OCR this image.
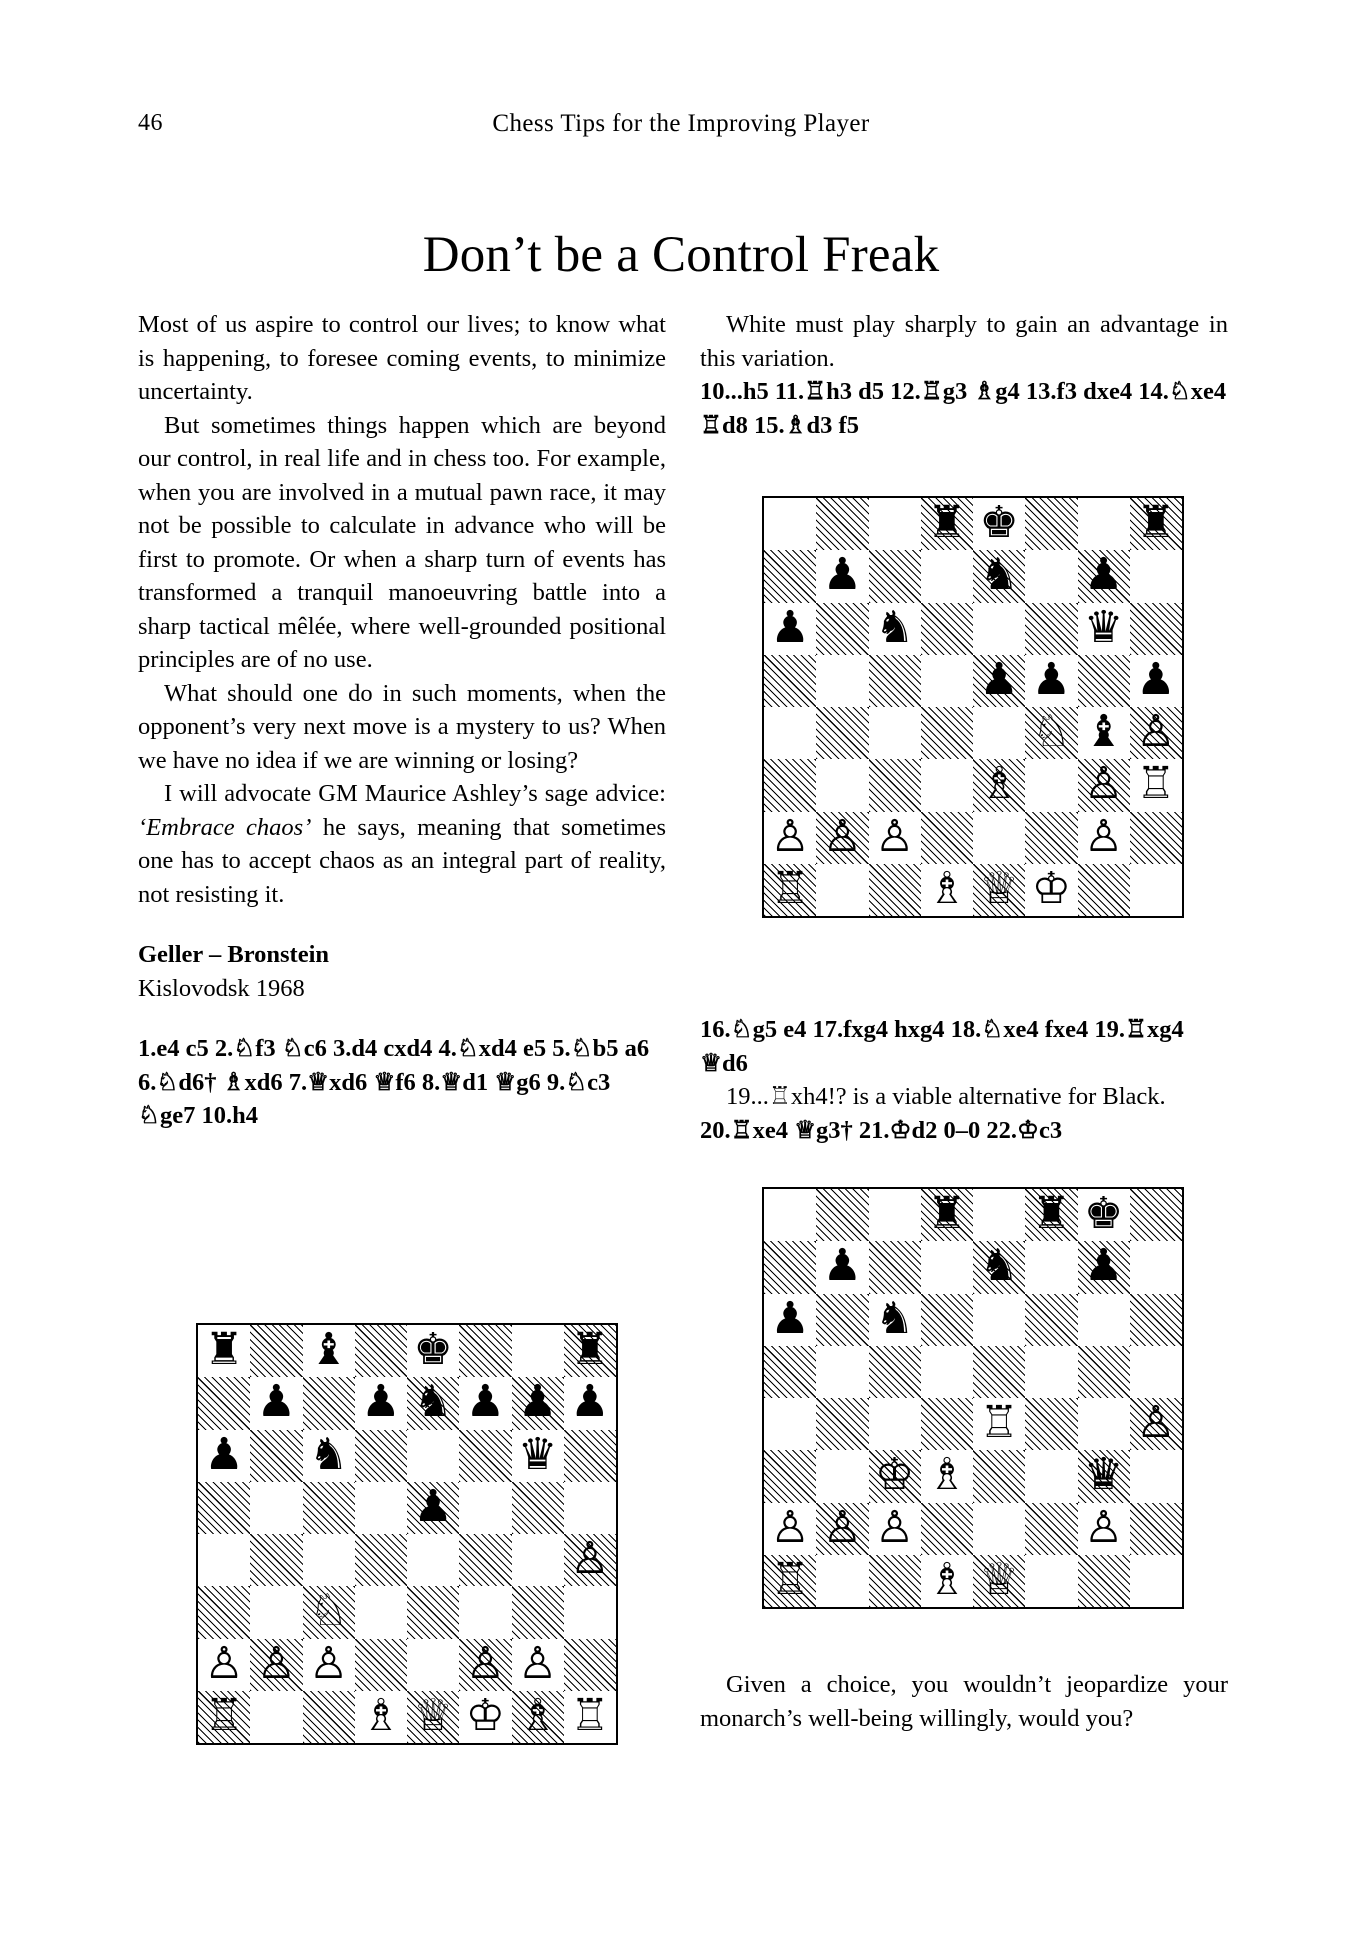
46	Chess Tips for the Improving Player
Don’t be a Control Freak

Most of us aspire to control our lives; to know what is happening, to foresee coming events, to minimize uncertainty.

But sometimes things happen which are beyond our control, in real life and in chess too. For example, when you are involved in a mutual pawn race, it may not be possible to calculate in advance who will be first to promote. Or when a sharp turn of events has transformed a tranquil manoeuvring battle into a sharp tactical mêlée, where well-grounded positional principles are of no use.

What should one do in such moments, when the opponent’s very next move is a mystery to us? When we have no idea if we are winning or losing?

I will advocate GM Maurice Ashley’s sage advice: ‘Embrace chaos’ he says, meaning that sometimes one has to accept chaos as an integral part of reality, not resisting it.

Geller – Bronstein

Kislovodsk 1968

1.e4 c5 2.♘f3 ♘c6 3.d4 cxd4 4.♘xd4 e5 5.♘b5 a6 6.♘d6† ♗xd6 7.♕xd6 ♕f6 8.♕d1 ♕g6 9.♘c3 ♘ge7 10.h4

White must play sharply to gain an advantage in this variation.

10...h5 11.♖h3 d5 12.♖g3 ♗g4 13.f3 dxe4 14.♘xe4 ♖d8 15.♗d3 f5

16.♘g5 e4 17.fxg4 hxg4 18.♘xe4 fxe4 19.♖xg4 ♕d6

19...♖xh4!? is a viable alternative for Black.

20.♖xe4 ♕g3† 21.♔d2 0–0 22.♔c3

Given a choice, you wouldn’t jeopardize your monarch’s well-being willingly, would you?

♜ ♚	♜
♟	♞ ♟
♟ ♞	♛
♟ ♟ ♟
♘ ♝ ♙
♗ ♙ ♖
♙ ♙ ♙	♙
♖	♗ ♕ ♔
♜ ♜ ♚
♟	♞ ♟
♟ ♞
♖	♙
♔ ♗	♛
♙ ♙ ♙	♙
♖	♗ ♕
♜ ♝ ♚	♜
♟ ♟ ♞ ♟ ♟ ♟
♟ ♞	♛
♟
♙
♘
♙ ♙ ♙	♙ ♙
♖	♗ ♕ ♔ ♗ ♖
